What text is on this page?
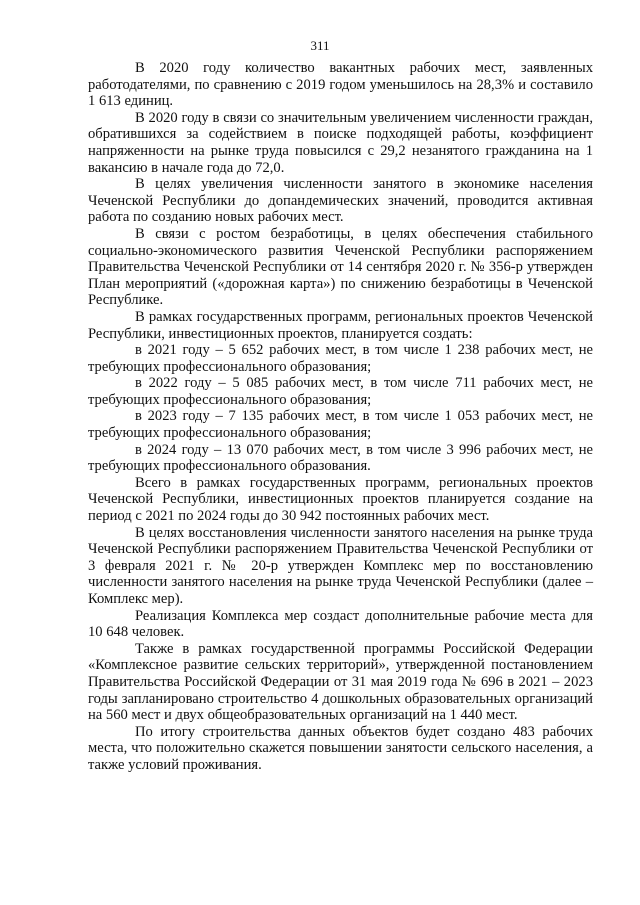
311

В 2020 году количество вакантных рабочих мест, заявленных работодателями, по сравнению с 2019 годом уменьшилось на 28,3% и составило 1 613 единиц.

В 2020 году в связи со значительным увеличением численности граждан, обратившихся за содействием в поиске подходящей работы, коэффициент напряженности на рынке труда повысился с 29,2 незанятого гражданина на 1 вакансию в начале года до 72,0.

В целях увеличения численности занятого в экономике населения Чеченской Республики до допандемических значений, проводится активная работа по созданию новых рабочих мест.

В связи с ростом безработицы, в целях обеспечения стабильного социально-экономического развития Чеченской Республики распоряжением Правительства Чеченской Республики от 14 сентября 2020 г. № 356-р утвержден План мероприятий («дорожная карта») по снижению безработицы в Чеченской Республике.

В рамках государственных программ, региональных проектов Чеченской Республики, инвестиционных проектов, планируется создать:

в 2021 году – 5 652 рабочих мест, в том числе 1 238 рабочих мест, не требующих профессионального образования;

в 2022 году – 5 085 рабочих мест, в том числе 711 рабочих мест, не требующих профессионального образования;

в 2023 году – 7 135 рабочих мест, в том числе 1 053 рабочих мест, не требующих профессионального образования;

в 2024 году – 13 070 рабочих мест, в том числе 3 996 рабочих мест, не требующих профессионального образования.

Всего в рамках государственных программ, региональных проектов Чеченской Республики, инвестиционных проектов планируется создание на период с 2021 по 2024 годы до 30 942 постоянных рабочих мест.

В целях восстановления численности занятого населения на рынке труда Чеченской Республики распоряжением Правительства Чеченской Республики от 3 февраля 2021 г. № 20-р утвержден Комплекс мер по восстановлению численности занятого населения на рынке труда Чеченской Республики (далее – Комплекс мер).

Реализация Комплекса мер создаст дополнительные рабочие места для 10 648 человек.

Также в рамках государственной программы Российской Федерации «Комплексное развитие сельских территорий», утвержденной постановлением Правительства Российской Федерации от 31 мая 2019 года № 696 в 2021 – 2023 годы запланировано строительство 4 дошкольных образовательных организаций на 560 мест и двух общеобразовательных организаций на 1 440 мест.

По итогу строительства данных объектов будет создано 483 рабочих места, что положительно скажется повышении занятости сельского населения, а также условий проживания.
